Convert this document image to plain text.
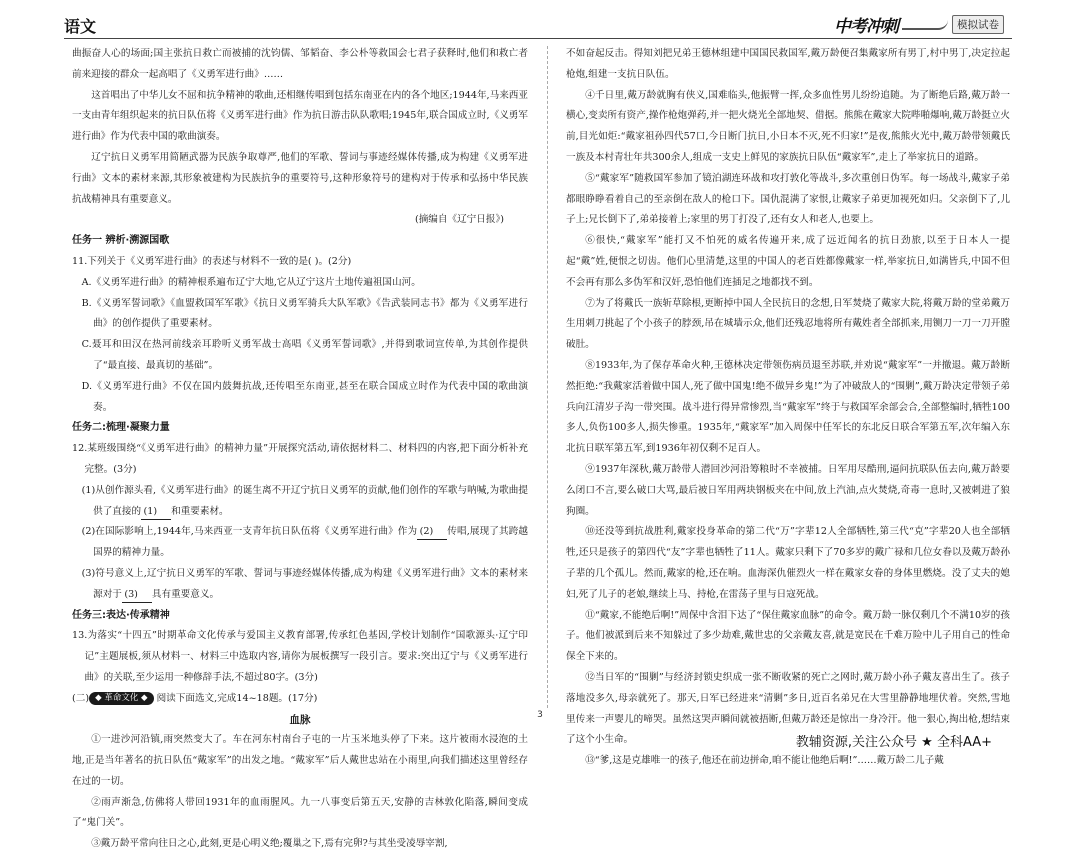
语文	中考冲刺	模拟试卷
曲振奋人心的场面;国主张抗日救亡而被捕的沈钧儒、邹韬奋、李公朴等救国会七君子获释时,他们和救亡者前来迎接的群众一起高唱了《义勇军进行曲》……
这首唱出了中华儿女不屈和抗争精神的歌曲,还相继传唱到包括东南亚在内的各个地区;1944年,马来西亚一支由青年组织起来的抗日队伍将《义勇军进行曲》作为抗日游击队队歌唱;1945年,联合国成立时,《义勇军进行曲》作为代表中国的歌曲演奏。
辽宁抗日义勇军用简陋武器为民族争取尊严,他们的军歌、誓词与事迹经媒体传播,成为构建《义勇军进行曲》文本的素材来源,其形象被建构为民族抗争的重要符号,这种形象符号的建构对于传承和弘扬中华民族抗战精神具有重要意义。
(摘编自《辽宁日报》)
任务一 辨析·溯源国歌
11.下列关于《义勇军进行曲》的表述与材料不一致的是( )。(2分)
A.《义勇军进行曲》的精神根系遍布辽宁大地,它从辽宁这片土地传遍祖国山河。
B.《义勇军誓词歌》《血盟救国军军歌》《抗日义勇军骑兵大队军歌》《告武装同志书》都为《义勇军进行曲》的创作提供了重要素材。
C.聂耳和田汉在热河前线亲耳聆听义勇军战士高唱《义勇军誓词歌》,并得到歌词宣传单,为其创作提供了“最直接、最真切的基础”。
D.《义勇军进行曲》不仅在国内鼓舞抗战,还传唱至东南亚,甚至在联合国成立时作为代表中国的歌曲演奏。
任务二:梳理·凝聚力量
12.某班级围绕“《义勇军进行曲》的精神力量”开展探究活动,请依据材料二、材料四的内容,把下面分析补充完整。(3分)
(1)从创作源头看,《义勇军进行曲》的诞生离不开辽宁抗日义勇军的贡献,他们创作的军歌与呐喊,为歌曲提供了直接的 (1) 和重要素材。
(2)在国际影响上,1944年,马来西亚一支青年抗日队伍将《义勇军进行曲》作为 (2) 传唱,展现了其跨越国界的精神力量。
(3)符号意义上,辽宁抗日义勇军的军歌、誓词与事迹经媒体传播,成为构建《义勇军进行曲》文本的素材来源对于 (3) 具有重要意义。
任务三:表达·传承精神
13.为落实“十四五”时期革命文化传承与爱国主义教育部署,传承红色基因,学校计划制作“国歌源头·辽宁印记”主题展板,须从材料一、材料三中选取内容,请你为展板撰写一段引言。要求:突出辽宁与《义勇军进行曲》的关联,至少运用一种修辞手法,不超过80字。(3分)
(二) ◆ 革命文化 ◆ 阅读下面选文,完成14~18题。(17分)
血脉
①一进沙河沿镇,雨突然变大了。车在河东村南台子屯的一片玉米地头停了下来。这片被雨水浸泡的土地,正是当年著名的抗日队伍“戴家军”的出发之地。“戴家军”后人戴世忠站在小雨里,向我们描述这里曾经存在过的一切。
②雨声渐急,仿佛将人带回1931年的血雨腥风。九一八事变后第五天,安静的吉林敦化陷落,瞬间变成了“鬼门关”。
③戴万龄平常向往日之心,此刻,更是心明义绝;覆巢之下,焉有完卵?与其坐受凌辱宰割,
不如奋起反击。得知刘把兄弟王德林组建中国国民救国军,戴万龄便召集戴家所有男丁,村中男丁,决定拉起枪炮,组建一支抗日队伍。
④千日里,戴万龄就胸有侠义,国难临头,他振臂一挥,众多血性男儿纷纷追随。为了断绝后路,戴万龄一横心,变卖所有资产,操作枪炮弹药,并一把火烧光全部地契、借据。熊熊在戴家大院哔啪爆响,戴万龄挺立火前,目光如炬:“戴家祖孙四代57口,今日断门抗日,小日本不灭,死不归家!”是夜,熊熊火光中,戴万龄带领戴氏一族及本村青壮年共300余人,组成一支史上鲜见的家族抗日队伍“戴家军”,走上了举家抗日的道路。
⑤“戴家军”随救国军参加了镜泊湖连环战和攻打敦化等战斗,多次重创日伪军。每一场战斗,戴家子弟都眼睁睁看着自己的至亲倒在敌人的枪口下。国仇混满了家恨,让戴家子弟更加视死如归。父亲倒下了,儿子上;兄长倒下了,弟弟接着上;家里的男丁打没了,还有女人和老人,也要上。
⑥很快,“戴家军”能打又不怕死的威名传遍开来,成了远近闻名的抗日劲旅,以至于日本人一提起“戴”姓,便恨之切齿。他们心里清楚,这里的中国人的老百姓都像戴家一样,举家抗日,如满皆兵,中国不但不会再有那么多伪军和汉奸,恐怕他们连插足之地都找不到。
⑦为了将戴氏一族斩草除根,更断掉中国人全民抗日的念想,日军焚烧了戴家大院,将戴万龄的堂弟戴万生用刺刀挑起了个小孩子的脖颈,吊在城墙示众,他们还残忍地将所有戴姓者全部抓来,用铡刀一刀一刀开膛破肚。
⑧1933年,为了保存革命火种,王德林决定带领伤病员退至苏联,并劝说“戴家军”一并撤退。戴万龄断然拒绝:“我戴家活着做中国人,死了做中国鬼!绝不做异乡鬼!”为了冲破敌人的“围剿”,戴万龄决定带领子弟兵向江清岁子沟一带突围。战斗进行得异常惨烈,当“戴家军”终于与救国军余部会合,全部整编时,牺牲100多人,负伤100多人,损失惨重。1935年,“戴家军”加入周保中任军长的东北反日联合军第五军,次年编入东北抗日联军第五军,到1936年初仅剩不足百人。
⑨1937年深秋,戴万龄带人潜回沙河沿筹粮时不幸被捕。日军用尽酷刑,逼问抗联队伍去向,戴万龄要么闭口不言,要么破口大骂,最后被日军用两块钢板夹在中间,放上汽油,点火焚烧,奇毒一息时,又被刺进了狼狗圈。
⑩还没等到抗战胜利,戴家投身革命的第二代“万”字辈12人全部牺牲,第三代“克”字辈20人也全部牺牲,还只是孩子的第四代“友”字辈也牺牲了11人。戴家只剩下了70多岁的戴广禄和几位女眷以及戴万龄孙子辈的几个孤儿。然而,戴家的枪,还在响。血海深仇催烈火一样在戴家女眷的身体里燃烧。没了丈夫的媳妇,死了儿子的老娘,继续上马、持枪,在雷荡子里与日寇死战。
⑪“戴家,不能绝后啊!”周保中含泪下达了“保住戴家血脉”的命令。戴万龄一脉仅剩几个不满10岁的孩子。他们被派到后来不知躲过了多少劫难,戴世忠的父亲戴友喜,就是宽民在千难万险中儿子用自己的性命保全下来的。
⑫当日军的“围剿”与经济封锁史织成一张不断收紧的死亡之网时,戴万龄小孙子戴友喜出生了。孩子落地没多久,母亲就死了。那天,日军已经进来“清剿”多日,近百名弟兄在大雪里静静地埋伏着。突然,雪地里传来一声婴儿的啼哭。虽然这哭声瞬间就被捂断,但戴万龄还是惊出一身冷汗。他一狠心,掏出枪,想结束了这个小生命。
⑬“爹,这是克雄唯一的孩子,他还在前边拼命,咱不能让他绝后啊!”……戴万龄二儿子戴
3
教辅资源,关注公众号 ★ 全科AA+
